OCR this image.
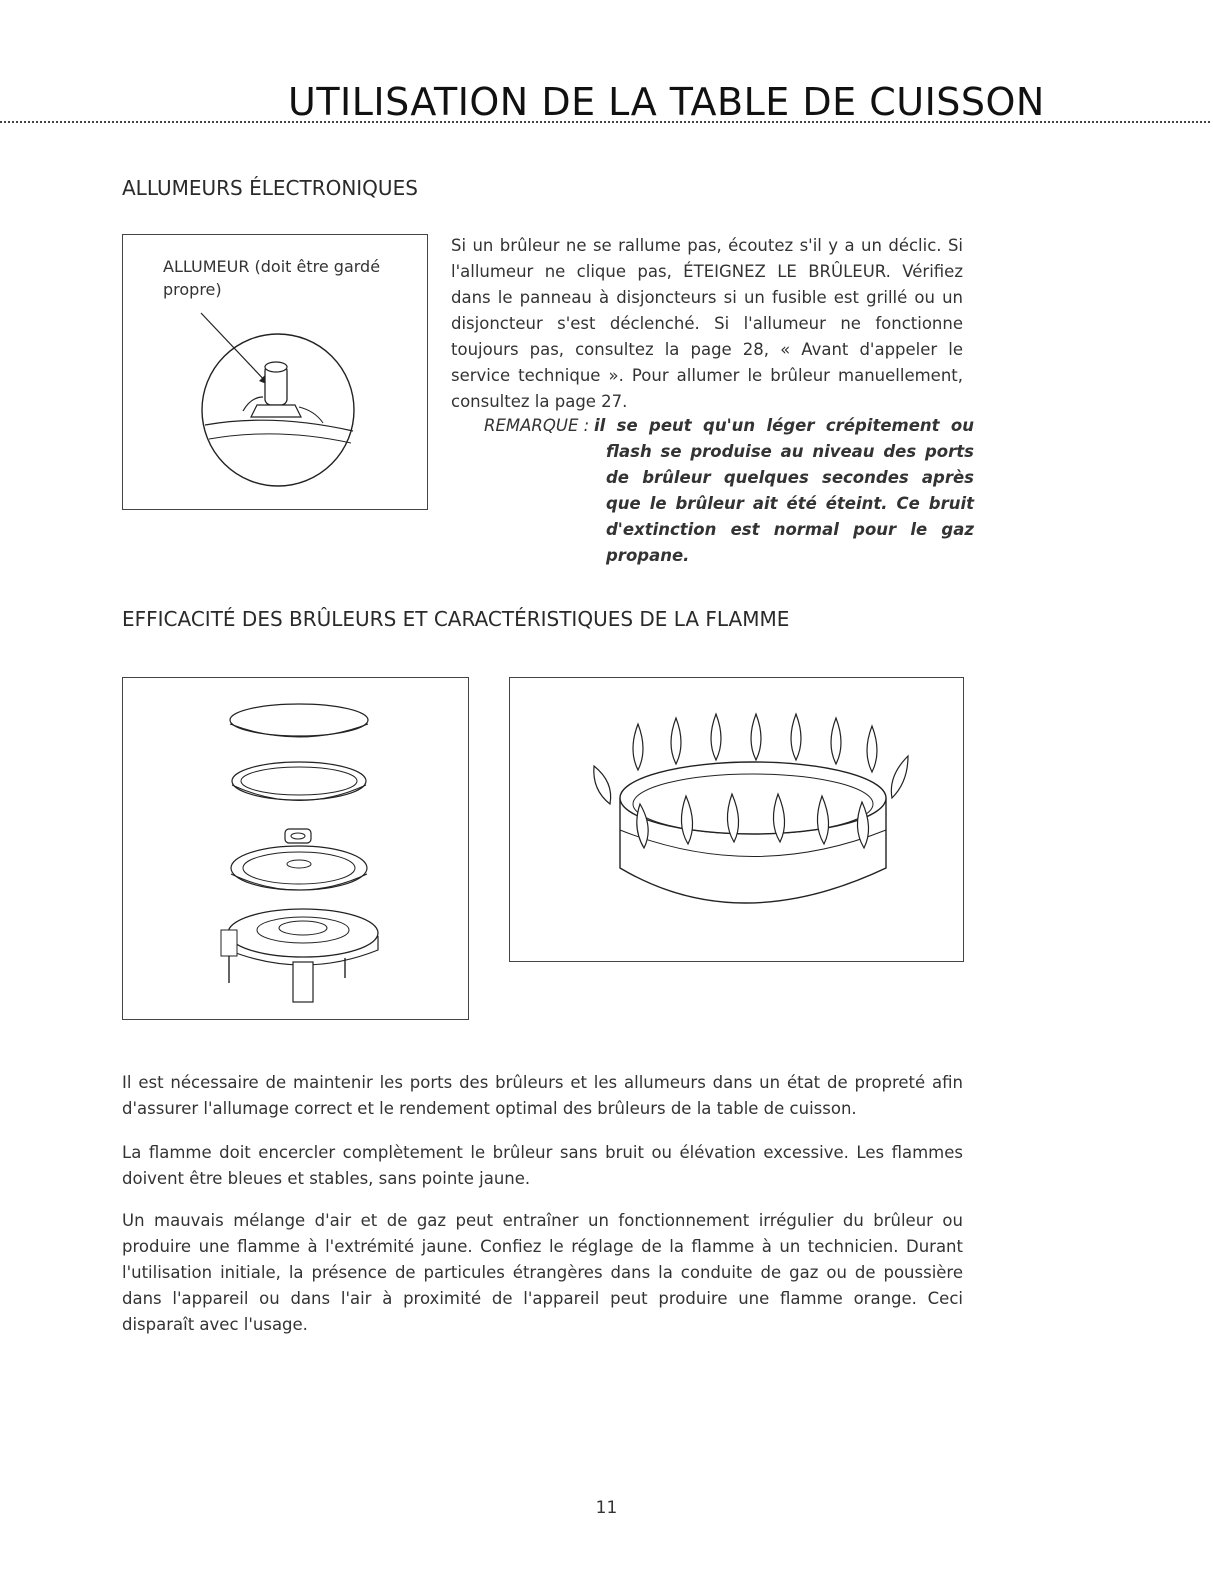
UTILISATION DE LA TABLE DE CUISSON
ALLUMEURS ÉLECTRONIQUES
ALLUMEUR (doit être gardé propre)

Si un brûleur ne se rallume pas, écoutez s'il y a un déclic. Si l'allumeur ne clique pas, ÉTEIGNEZ LE BRÛLEUR. Vérifiez dans le panneau à disjoncteurs si un fusible est grillé ou un disjoncteur s'est déclenché. Si l'allumeur ne fonctionne toujours pas, consultez la page 28, « Avant d'appeler le service technique ». Pour allumer le brûleur manuellement, consultez la page 27.

REMARQUE : il se peut qu'un léger crépitement ou flash se produise au niveau des ports de brûleur quelques secondes après que le brûleur ait été éteint. Ce bruit d'extinction est normal pour le gaz propane.

EFFICACITÉ DES BRÛLEURS ET CARACTÉRISTIQUES DE LA FLAMME

Il est nécessaire de maintenir les ports des brûleurs et les allumeurs dans un état de propreté afin d'assurer l'allumage correct et le rendement optimal des brûleurs de la table de cuisson.

La flamme doit encercler complètement le brûleur sans bruit ou élévation excessive. Les flammes doivent être bleues et stables, sans pointe jaune.

Un mauvais mélange d'air et de gaz peut entraîner un fonctionnement irrégulier du brûleur ou produire une flamme à l'extrémité jaune. Confiez le réglage de la flamme à un technicien. Durant l'utilisation initiale, la présence de particules étrangères dans la conduite de gaz ou de poussière dans l'appareil ou dans l'air à proximité de l'appareil peut produire une flamme orange. Ceci disparaît avec l'usage.

11
